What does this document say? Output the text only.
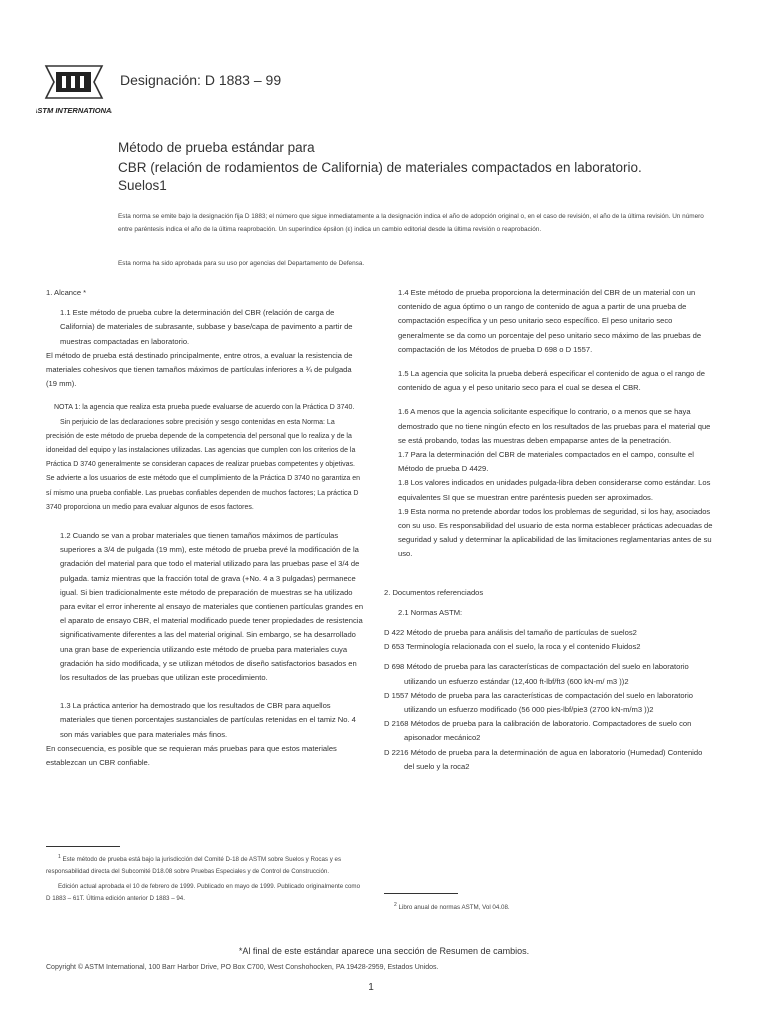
ASTM INTERNATIONAL
Designación: D 1883 – 99
Método de prueba estándar para
CBR (relación de rodamientos de California) de materiales compactados en laboratorio.
Suelos1
Esta norma se emite bajo la designación fija D 1883; el número que sigue inmediatamente a la designación indica el año de adopción original o, en el caso de revisión, el año de la última revisión. Un número entre paréntesis indica el año de la última reaprobación. Un superíndice épsilon (ε) indica un cambio editorial desde la última revisión o reaprobación.
Esta norma ha sido aprobada para su uso por agencias del Departamento de Defensa.

1. Alcance *

1.1 Este método de prueba cubre la determinación del CBR (relación de carga de California) de materiales de subrasante, subbase y base/capa de pavimento a partir de muestras compactadas en laboratorio.

El método de prueba está destinado principalmente, entre otros, a evaluar la resistencia de materiales cohesivos que tienen tamaños máximos de partículas inferiores a ¾ de pulgada (19 mm).

NOTA 1: la agencia que realiza esta prueba puede evaluarse de acuerdo con la Práctica D 3740.

Sin perjuicio de las declaraciones sobre precisión y sesgo contenidas en esta Norma: La precisión de este método de prueba depende de la competencia del personal que lo realiza y de la idoneidad del equipo y las instalaciones utilizadas. Las agencias que cumplen con los criterios de la Práctica D 3740 generalmente se consideran capaces de realizar pruebas competentes y objetivas. Se advierte a los usuarios de este método que el cumplimiento de la Práctica D 3740 no garantiza en sí mismo una prueba confiable. Las pruebas confiables dependen de muchos factores; La práctica D 3740 proporciona un medio para evaluar algunos de esos factores.

1.2 Cuando se van a probar materiales que tienen tamaños máximos de partículas superiores a 3/4 de pulgada (19 mm), este método de prueba prevé la modificación de la gradación del material para que todo el material utilizado para las pruebas pase el 3/4 de pulgada. tamiz mientras que la fracción total de grava (+No. 4 a 3 pulgadas) permanece igual. Si bien tradicionalmente este método de preparación de muestras se ha utilizado para evitar el error inherente al ensayo de materiales que contienen partículas grandes en el aparato de ensayo CBR, el material modificado puede tener propiedades de resistencia significativamente diferentes a las del material original. Sin embargo, se ha desarrollado una gran base de experiencia utilizando este método de prueba para materiales cuya gradación ha sido modificada, y se utilizan métodos de diseño satisfactorios basados en los resultados de las pruebas que utilizan este procedimiento.

1.3 La práctica anterior ha demostrado que los resultados de CBR para aquellos materiales que tienen porcentajes sustanciales de partículas retenidas en el tamiz No. 4 son más variables que para materiales más finos.

En consecuencia, es posible que se requieran más pruebas para que estos materiales establezcan un CBR confiable.

$^1$ Este método de prueba está bajo la jurisdicción del Comité D-18 de ASTM sobre Suelos y Rocas y es responsabilidad directa del Subcomité D18.08 sobre Pruebas Especiales y de Control de Construcción.
Edición actual aprobada el 10 de febrero de 1999. Publicado en mayo de 1999. Publicado originalmente como D 1883 – 61T. Última edición anterior D 1883 – 94.

1.4 Este método de prueba proporciona la determinación del CBR de un material con un contenido de agua óptimo o un rango de contenido de agua a partir de una prueba de compactación específica y un peso unitario seco específico. El peso unitario seco generalmente se da como un porcentaje del peso unitario seco máximo de las pruebas de compactación de los Métodos de prueba D 698 o D 1557.

1.5 La agencia que solicita la prueba deberá especificar el contenido de agua o el rango de contenido de agua y el peso unitario seco para el cual se desea el CBR.

1.6 A menos que la agencia solicitante especifique lo contrario, o a menos que se haya demostrado que no tiene ningún efecto en los resultados de las pruebas para el material que se está probando, todas las muestras deben empaparse antes de la penetración.

1.7 Para la determinación del CBR de materiales compactados en el campo, consulte el Método de prueba D 4429.

1.8 Los valores indicados en unidades pulgada-libra deben considerarse como estándar. Los equivalentes SI que se muestran entre paréntesis pueden ser aproximados.

1.9 Esta norma no pretende abordar todos los problemas de seguridad, si los hay, asociados con su uso. Es responsabilidad del usuario de esta norma establecer prácticas adecuadas de seguridad y salud y determinar la aplicabilidad de las limitaciones reglamentarias antes de su uso.

2. Documentos referenciados

2.1 Normas ASTM:

D 422 Método de prueba para análisis del tamaño de partículas de suelos2

D 653 Terminología relacionada con el suelo, la roca y el contenido Fluidos2

D 698 Método de prueba para las características de compactación del suelo en laboratorio utilizando un esfuerzo estándar (12,400 ft-lbf/ft3 (600 kN-m/ m3 ))2

D 1557 Método de prueba para las características de compactación del suelo en laboratorio utilizando un esfuerzo modificado (56 000 pies-lbf/pie3 (2700 kN-m/m3 ))2

D 2168 Métodos de prueba para la calibración de laboratorio. Compactadores de suelo con apisonador mecánico2

D 2216 Método de prueba para la determinación de agua en laboratorio (Humedad) Contenido del suelo y la roca2

$^2$ Libro anual de normas ASTM, Vol 04.08.
*Al final de este estándar aparece una sección de Resumen de cambios.
Copyright © ASTM International, 100 Barr Harbor Drive, PO Box C700, West Conshohocken, PA 19428-2959, Estados Unidos.
1
